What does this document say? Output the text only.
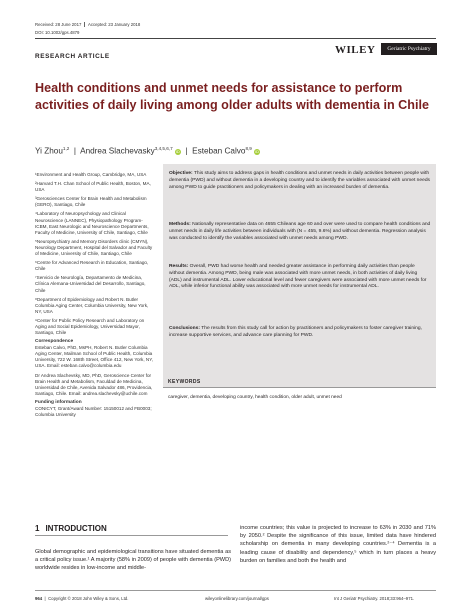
Received: 28 June 2017 Accepted: 23 January 2018
DOI: 10.1002/gps.4879
RESEARCH ARTICLE
WILEY	Geriatric Psychiatry
Health conditions and unmet needs for assistance to perform activities of daily living among older adults with dementia in Chile
Yi Zhou$^{1,2}$  |  Andrea Slachevasky$^{3,4,5,6,7}$ iD  |  Esteban Calvo$^{8,9}$ iD
¹Environment and Health Group, Cambridge, MA, USA
²Harvard T.H. Chan School of Public Health, Boston, MA, USA
³Gerosciences Center for Brain Health and Metabolism (GERO), Santiago, Chile
⁴Laboratory of Neuropsychology and Clinical Neuroscience (LANNEC), Physiopathology Program-ICBM, East Neurologic and Neuroscience Departments, Faculty of Medicine, University of Chile, Santiago, Chile
⁵Neuropsychiatry and Memory Disorders clinic (CMYN), Neurology Department, Hospital del Salvador and Faculty of Medicine, University of Chile, Santiago, Chile
⁶Centre for Advanced Research in Education, Santiago, Chile
⁷Servicio de Neurología, Departamento de Medicina, Clínica Alemana-Universidad del Desarrollo, Santiago, Chile
⁸Department of Epidemiology and Robert N. Butler Columbia Aging Center, Columbia University, New York, NY, USA
⁹Center for Public Policy Research and Laboratory on Aging and Social Epidemiology, Universidad Mayor, Santiago, Chile
Correspondence
Esteban Calvo, PhD, MsPH, Robert N. Butler Columbia Aging Center, Mailman School of Public Health, Columbia University, 722 W. 168th Street, Office 412, New York, NY, USA. Email: esteban.calvo@columbia.edu
Dr Andrea Slachevsky, MD, PhD, Geroscience Center for Brain Health and Metabolism, Faculdad de Medicina, Universidad de Chile, Avenida Salvador 486, Providencia, Santiago, Chile. Email: andrea.slachevsky@uchile.com
Funding information
CONICYT, Grant/Award Number: 15150012 and FB0003; Columbia University
Objective: This study aims to address gaps in health conditions and unmet needs in daily activities between people with dementia (PWD) and without dementia in a developing country and to identify the variables associated with unmet needs among PWD to guide practitioners and policymakers in dealing with an increased burden of dementia.
Methods: Nationally representative data on 4655 Chileans age 60 and over were used to compare health conditions and unmet needs in daily life activities between individuals with (N = 455, 9.6%) and without dementia. Regression analysis was conducted to identify the variables associated with unmet needs among PWD.
Results: Overall, PWD had worse health and needed greater assistance in performing daily activities than people without dementia. Among PWD, being male was associated with more unmet needs, in both activities of daily living (ADL) and instrumental ADL. Lower educational level and fewer caregivers were associated with more unmet needs for ADL, while inferior functional ability was associated with more unmet needs for instrumental ADL.
Conclusions: The results from this study call for action by practitioners and policymakers to foster caregiver training, increase supportive services, and advance care planning for PWD.
KEYWORDS
caregiver, dementia, developing country, health condition, older adult, unmet need
1 INTRODUCTION
Global demographic and epidemiological transitions have situated dementia as a critical policy issue.¹ A majority (58% in 2009) of people with dementia (PWD) worldwide resides in low-income and middle-
income countries; this value is projected to increase to 63% in 2030 and 71% by 2050.² Despite the significance of this issue, limited data have hindered scholarship on dementia in many developing countries.²⁻⁴ Dementia is a leading cause of disability and dependency,⁵ which in turn places a heavy burden on families and both the health and
964  |  Copyright © 2018 John Wiley & Sons, Ltd.	wileyonlinelibrary.com/journal/gps	Int J Geriatr Psychiatry. 2018;33:964–971.
